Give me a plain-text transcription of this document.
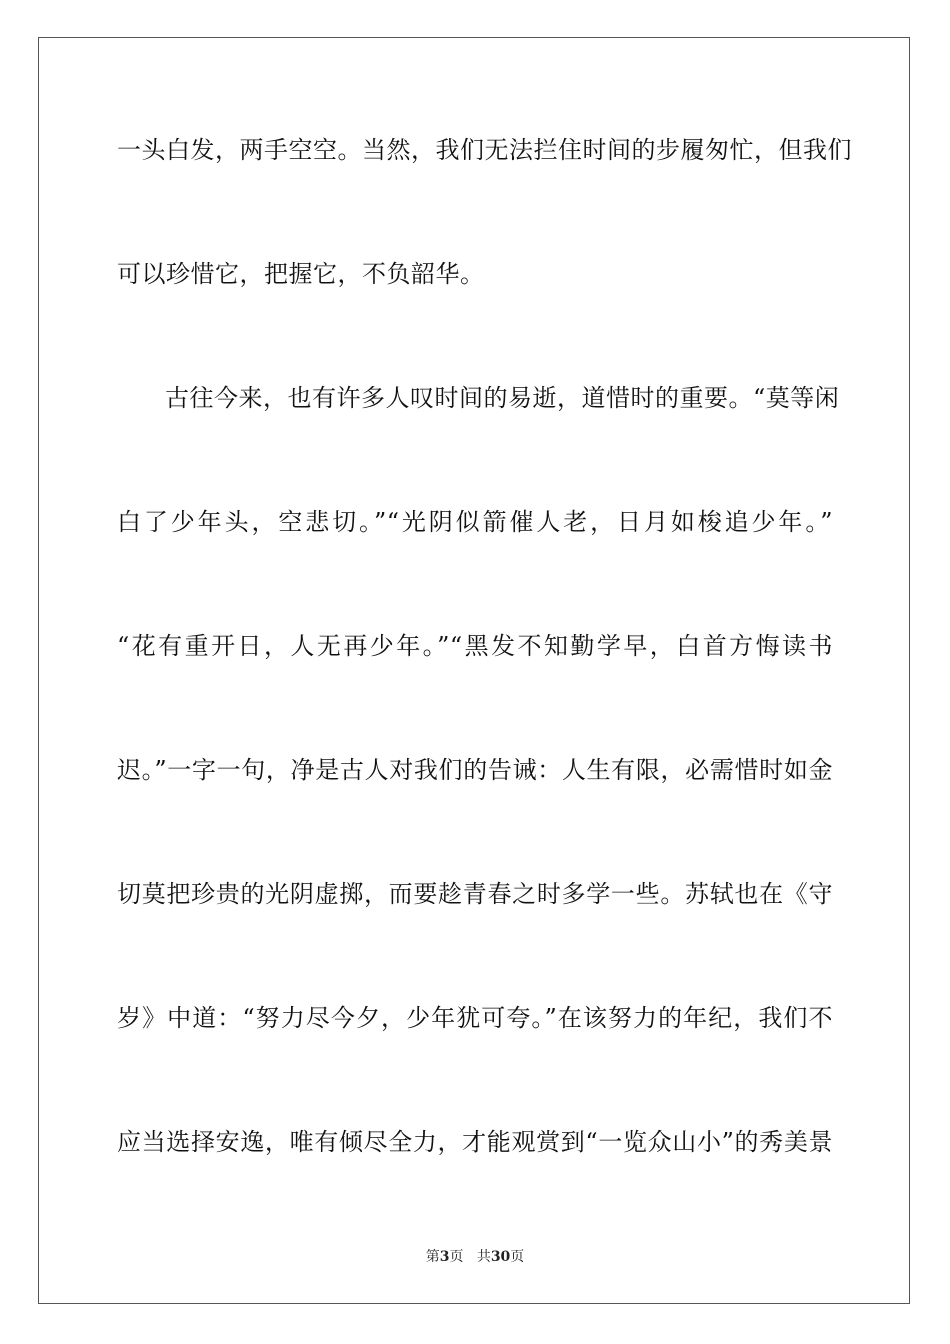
一头白发，两手空空。当然，我们无法拦住时间的步履匆忙，但我们
可以珍惜它，把握它，不负韶华。
古往今来，也有许多人叹时间的易逝，道惜时的重要。“莫等闲
白了少年头，空悲切。”“光阴似箭催人老，日月如梭追少年。”
“花有重开日，人无再少年。”“黑发不知勤学早，白首方悔读书
迟。”一字一句，净是古人对我们的告诫：人生有限，必需惜时如金
切莫把珍贵的光阴虚掷，而要趁青春之时多学一些。苏轼也在《守
岁》中道：“努力尽今夕，少年犹可夸。”在该努力的年纪，我们不
应当选择安逸，唯有倾尽全力，才能观赏到“一览众山小”的秀美景
第3页 共30页
